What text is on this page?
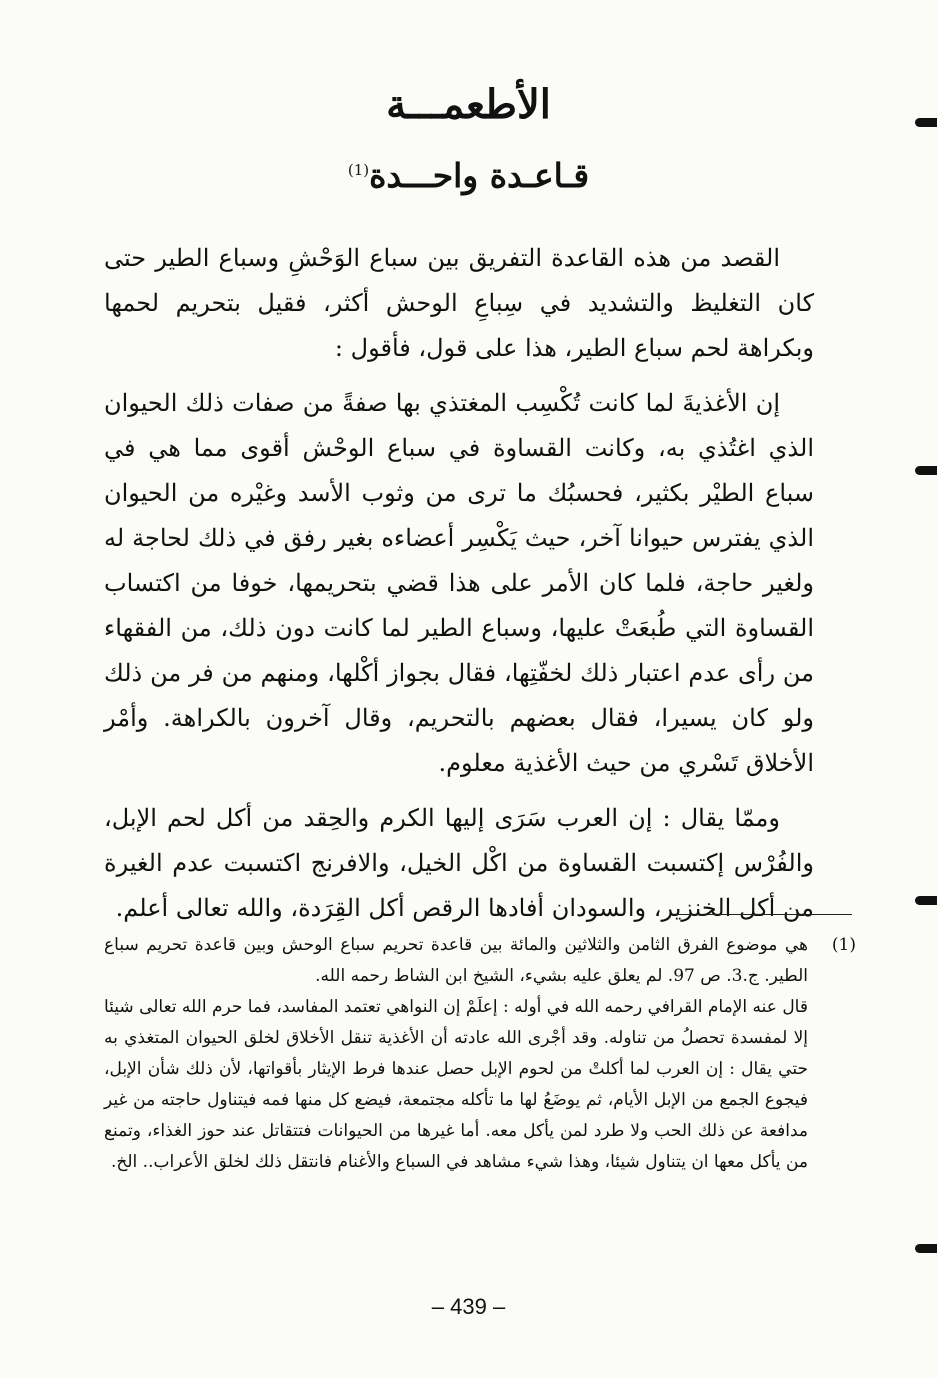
الأطعمـــة
قـاعـدة واحـــدة$^{(1)}$

القصد من هذه القاعدة التفريق بين سباع الوَحْشِ وسباع الطير حتى كان التغليظ والتشديد في سِباعِ الوحش أكثر، فقيل بتحريم لحمها وبكراهة لحم سباع الطير، هذا على قول، فأقول :

إن الأغذيةَ لما كانت تُكْسِب المغتذي بها صفةً من صفات ذلك الحيوان الذي اغتُذي به، وكانت القساوة في سباع الوحْش أقوى مما هي في سباع الطيْر بكثير، فحسبُك ما ترى من وثوب الأسد وغيْره من الحيوان الذي يفترس حيوانا آخر، حيث يَكْسِر أعضاءه بغير رفق في ذلك لحاجة له ولغير حاجة، فلما كان الأمر على هذا قضي بتحريمها، خوفا من اكتساب القساوة التي طُبعَتْ عليها، وسباع الطير لما كانت دون ذلك، من الفقهاء من رأى عدم اعتبار ذلك لخفّتِها، فقال بجواز أكْلها، ومنهم من فر من ذلك ولو كان يسيرا، فقال بعضهم بالتحريم، وقال آخرون بالكراهة. وأمْر الأخلاق تَسْري من حيث الأغذية معلوم.

وممّا يقال : إن العرب سَرَى إليها الكرم والحِقد من أكل لحم الإبل، والفُرْس إكتسبت القساوة من اكْل الخيل، والافرنج اكتسبت عدم الغيرة من أكل الخنزير، والسودان أفادها الرقص أكل القِرَدة، والله تعالى أعلم.

(1)

هي موضوع الفرق الثامن والثلاثين والمائة بين قاعدة تحريم سباع الوحش وبين قاعدة تحريم سباع الطير. ج.3. ص 97. لم يعلق عليه بشيء، الشيخ ابن الشاط رحمه الله.

قال عنه الإمام القرافي رحمه الله في أوله : إعلَمْ إن النواهي تعتمد المفاسد، فما حرم الله تعالى شيئا إلا لمفسدة تحصلُ من تناوله. وقد أجْرى الله عادته أن الأغذية تنقل الأخلاق لخلق الحيوان المتغذي به حتي يقال : إن العرب لما أكلتْ من لحوم الإبل حصل عندها فرط الإيثار بأقواتها، لأن ذلك شأن الإبل، فيجوع الجمع من الإبل الأيام، ثم يوضَعُ لها ما تأكله مجتمعة، فيضع كل منها فمه فيتناول حاجته من غير مدافعة عن ذلك الحب ولا طرد لمن يأكل معه. أما غيرها من الحيوانات فتتقاتل عند حوز الغذاء، وتمنع من يأكل معها ان يتناول شيئا، وهذا شيء مشاهد في السباع والأغنام فانتقل ذلك لخلق الأعراب.. الخ.

– 439 –
